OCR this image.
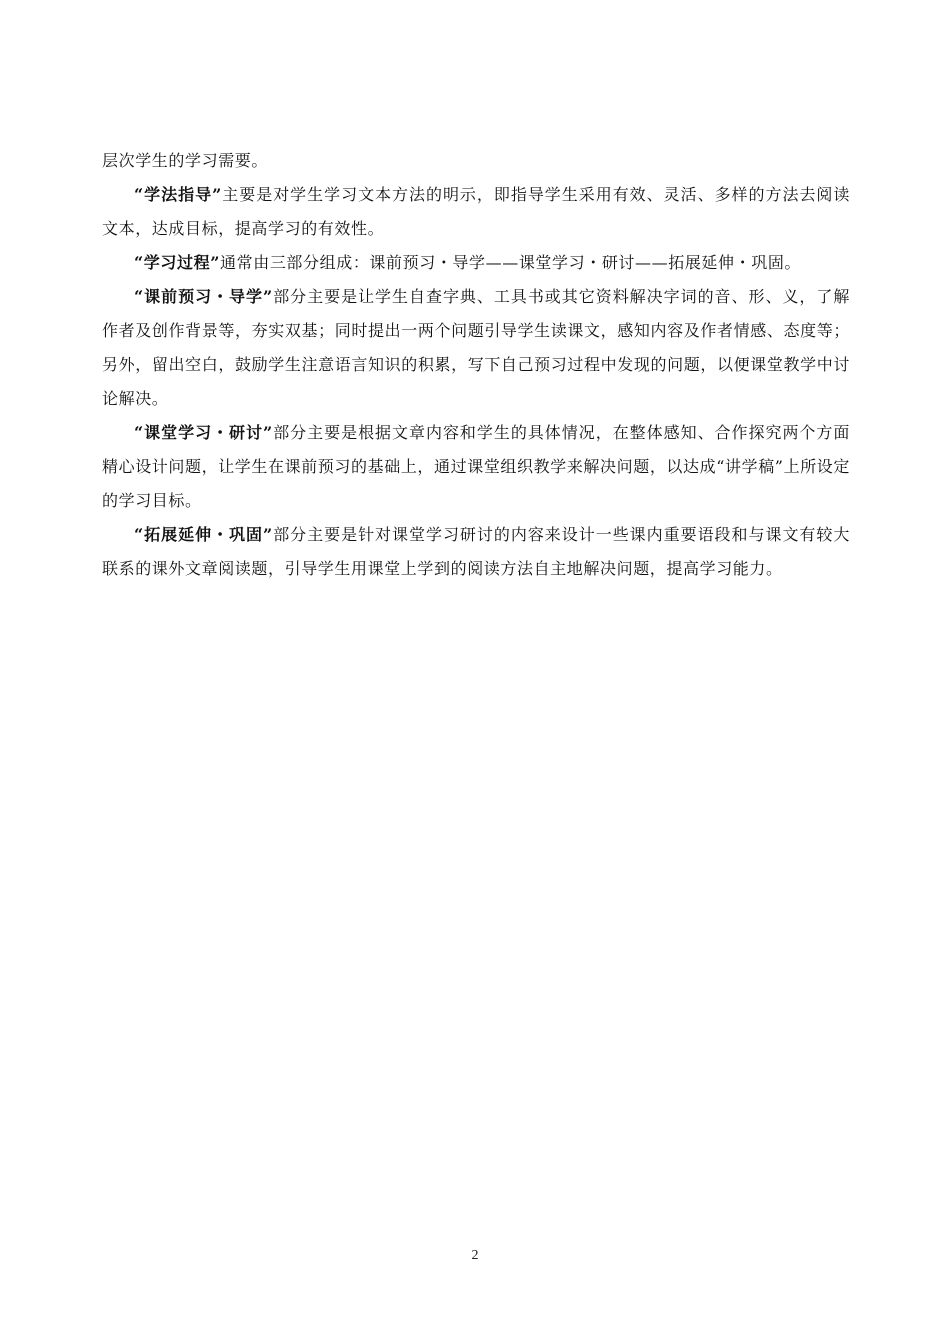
层次学生的学习需要。

“学法指导”主要是对学生学习文本方法的明示，即指导学生采用有效、灵活、多样的方法去阅读文本，达成目标，提高学习的有效性。

“学习过程”通常由三部分组成：课前预习・导学——课堂学习・研讨——拓展延伸・巩固。

“课前预习・导学”部分主要是让学生自查字典、工具书或其它资料解决字词的音、形、义，了解作者及创作背景等，夯实双基；同时提出一两个问题引导学生读课文，感知内容及作者情感、态度等；另外，留出空白，鼓励学生注意语言知识的积累，写下自己预习过程中发现的问题，以便课堂教学中讨论解决。

“课堂学习・研讨”部分主要是根据文章内容和学生的具体情况，在整体感知、合作探究两个方面精心设计问题，让学生在课前预习的基础上，通过课堂组织教学来解决问题，以达成“讲学稿”上所设定的学习目标。

“拓展延伸・巩固”部分主要是针对课堂学习研讨的内容来设计一些课内重要语段和与课文有较大联系的课外文章阅读题，引导学生用课堂上学到的阅读方法自主地解决问题，提高学习能力。

2
